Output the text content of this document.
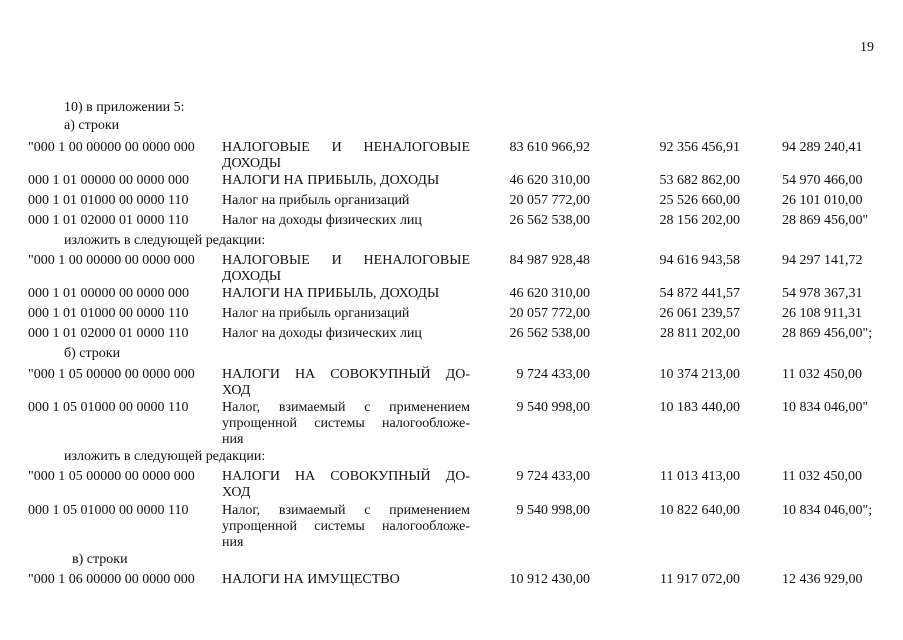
19
10) в приложении 5:
а) строки
"000 1 00 00000 00 0000 000 НАЛОГОВЫЕ И НЕНАЛОГОВЫЕ	83 610 966,92	92 356 456,91	94 289 240,41
ДОХОДЫ
000 1 01 00000 00 0000 000 НАЛОГИ НА ПРИБЫЛЬ, ДОХОДЫ	46 620 310,00	53 682 862,00	54 970 466,00
000 1 01 01000 00 0000 110 Налог на прибыль организаций	20 057 772,00	25 526 660,00	26 101 010,00
000 1 01 02000 01 0000 110 Налог на доходы физических лиц	26 562 538,00	28 156 202,00	28 869 456,00"
изложить в следующей редакции:
"000 1 00 00000 00 0000 000 НАЛОГОВЫЕ И НЕНАЛОГОВЫЕ	84 987 928,48	94 616 943,58	94 297 141,72
ДОХОДЫ
000 1 01 00000 00 0000 000 НАЛОГИ НА ПРИБЫЛЬ, ДОХОДЫ	46 620 310,00	54 872 441,57	54 978 367,31
000 1 01 01000 00 0000 110 Налог на прибыль организаций	20 057 772,00	26 061 239,57	26 108 911,31
000 1 01 02000 01 0000 110 Налог на доходы физических лиц	26 562 538,00	28 811 202,00	28 869 456,00";
б) строки
"000 1 05 00000 00 0000 000 НАЛОГИ НА СОВОКУПНЫЙ ДО-	9 724 433,00	10 374 213,00	11 032 450,00
ХОД
000 1 05 01000 00 0000 110 Налог, взимаемый с применением	9 540 998,00	10 183 440,00	10 834 046,00"
упрощенной системы налогообложе-
ния
изложить в следующей редакции:
"000 1 05 00000 00 0000 000 НАЛОГИ НА СОВОКУПНЫЙ ДО-	9 724 433,00	11 013 413,00	11 032 450,00
ХОД
000 1 05 01000 00 0000 110 Налог, взимаемый с применением	9 540 998,00	10 822 640,00	10 834 046,00";
упрощенной системы налогообложе-
ния
в) строки
"000 1 06 00000 00 0000 000 НАЛОГИ НА ИМУЩЕСТВО	10 912 430,00	11 917 072,00	12 436 929,00
